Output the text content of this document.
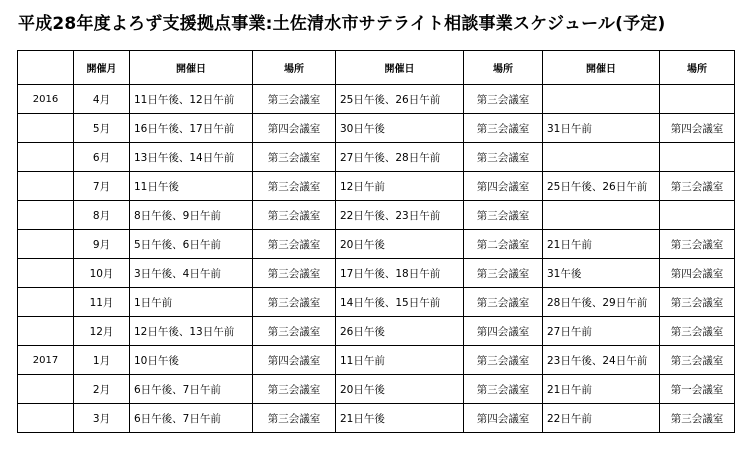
平成28年度よろず支援拠点事業:土佐清水市サテライト相談事業スケジュール(予定)
	開催月	開催日	場所	開催日	場所	開催日	場所
2016	4月	11日午後、12日午前	第三会議室	25日午後、26日午前	第三会議室		
	5月	16日午後、17日午前	第四会議室	30日午後	第三会議室	31日午前	第四会議室
	6月	13日午後、14日午前	第三会議室	27日午後、28日午前	第三会議室		
	7月	11日午後	第三会議室	12日午前	第四会議室	25日午後、26日午前	第三会議室
	8月	8日午後、9日午前	第三会議室	22日午後、23日午前	第三会議室		
	9月	5日午後、6日午前	第三会議室	20日午後	第二会議室	21日午前	第三会議室
	10月	3日午後、4日午前	第三会議室	17日午後、18日午前	第三会議室	31午後	第四会議室
	11月	1日午前	第三会議室	14日午後、15日午前	第三会議室	28日午後、29日午前	第三会議室
	12月	12日午後、13日午前	第三会議室	26日午後	第四会議室	27日午前	第三会議室
2017	1月	10日午後	第四会議室	11日午前	第三会議室	23日午後、24日午前	第三会議室
	2月	6日午後、7日午前	第三会議室	20日午後	第三会議室	21日午前	第一会議室
	3月	6日午後、7日午前	第三会議室	21日午後	第四会議室	22日午前	第三会議室
